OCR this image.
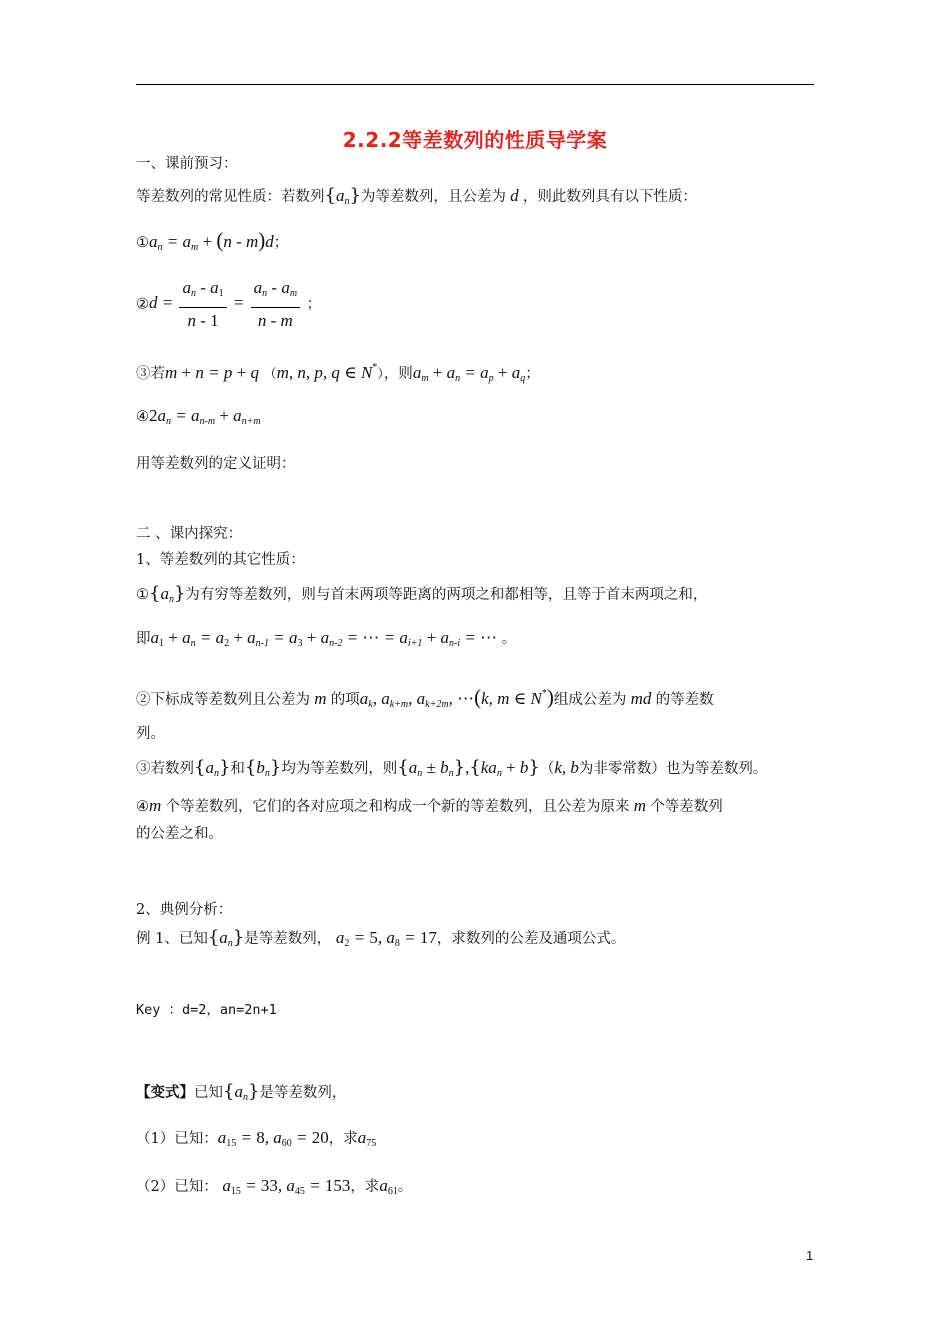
2.2.2等差数列的性质导学案
一、课前预习：
等差数列的常见性质：若数列$\{a_n\}$为等差数列，且公差为 d ，则此数列具有以下性质：
$①a_n = a_m + (n - m)d$；
②d = $\frac{a_n - a_1}{n - 1} = \frac{a_n - a_m}{n - m}$ ；
③若m + n = p + q （m, n, p, q ∈ N*），则$a_m + a_n = a_p + a_q$；
$④2a_n = a_{n-m} + a_{n+m}$
用等差数列的定义证明：
二 、课内探究：
1、等差数列的其它性质：
$①\{a_n\}$为有穷等差数列，则与首末两项等距离的两项之和都相等，且等于首末两项之和，
即$a_1 + a_n = a_2 + a_{n-1} = a_3 + a_{n-2}$ = ⋯ = $a_{i+1} + a_{n-i}$ = ⋯ 。
②下标成等差数列且公差为 m 的项$a_k$, $a_{k+m}$, $a_{k+2m}$, ⋯(k, m ∈ N*)组成公差为 md 的等差数
列。
③若数列$\{a_n\}$和$\{b_n\}$均为等差数列，则$\{a_n \pm b_n\},\{ka_n + b\}(k$, b为非零常数）也为等差数列。
④m 个等差数列，它们的各对应项之和构成一个新的等差数列，且公差为原来 m 个等差数列
的公差之和。
2、典例分析：
例 1、已知$\{a_n\}$是等差数列， $a_2 = 5$, $a_8 = 17$，求数列的公差及通项公式。
Key ：d=2，an=2n+1
【变式】已知$\{a_n\}$是等差数列，
（1）已知：$a_{15} = 8$, $a_{60} = 20$，求$a_{75}$
（2）已知： $a_{15} = 33$, $a_{45} = 153$，求$a_{61}$。
1
